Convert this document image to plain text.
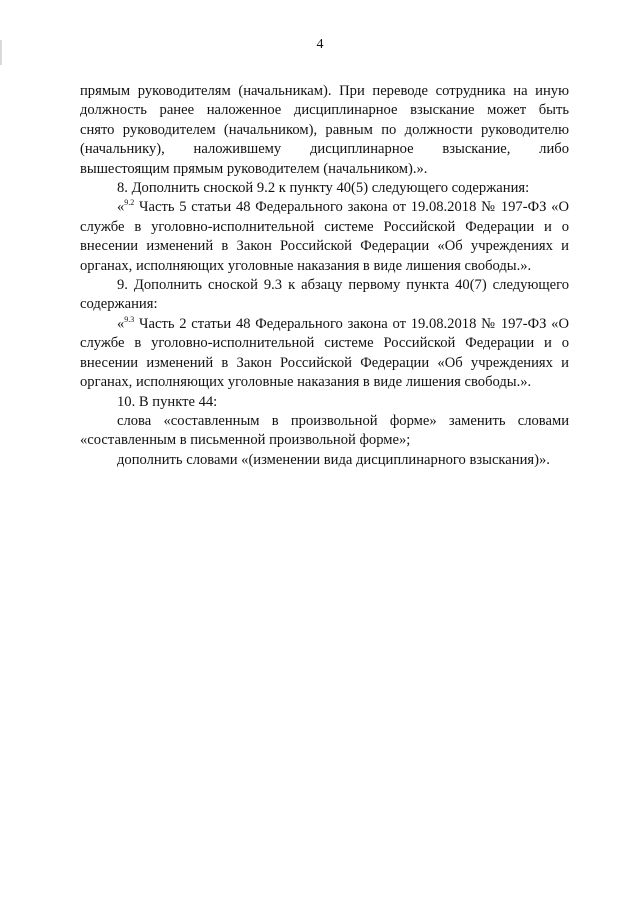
4

прямым руководителям (начальникам). При переводе сотрудника на иную

должность ранее наложенное дисциплинарное взыскание может быть

снято руководителем (начальником), равным по должности руководителю

(начальнику), наложившему дисциплинарное взыскание, либо

вышестоящим прямым руководителем (начальником).».

8. Дополнить сноской 9.2 к пункту 40(5) следующего содержания:

«$^{9.2}$ Часть 5 статьи 48 Федерального закона от 19.08.2018 № 197-ФЗ «О службе в уголовно-исполнительной системе Российской Федерации и о внесении изменений в Закон Российской Федерации «Об учреждениях и органах, исполняющих уголовные наказания в виде лишения свободы.».

9. Дополнить сноской 9.3 к абзацу первому пункта 40(7) следующего содержания:

«$^{9.3}$ Часть 2 статьи 48 Федерального закона от 19.08.2018 № 197-ФЗ «О службе в уголовно-исполнительной системе Российской Федерации и о внесении изменений в Закон Российской Федерации «Об учреждениях и органах, исполняющих уголовные наказания в виде лишения свободы.».

10. В пункте 44:

слова «составленным в произвольной форме» заменить словами «составленным в письменной произвольной форме»;

дополнить словами «(изменении вида дисциплинарного взыскания)».
